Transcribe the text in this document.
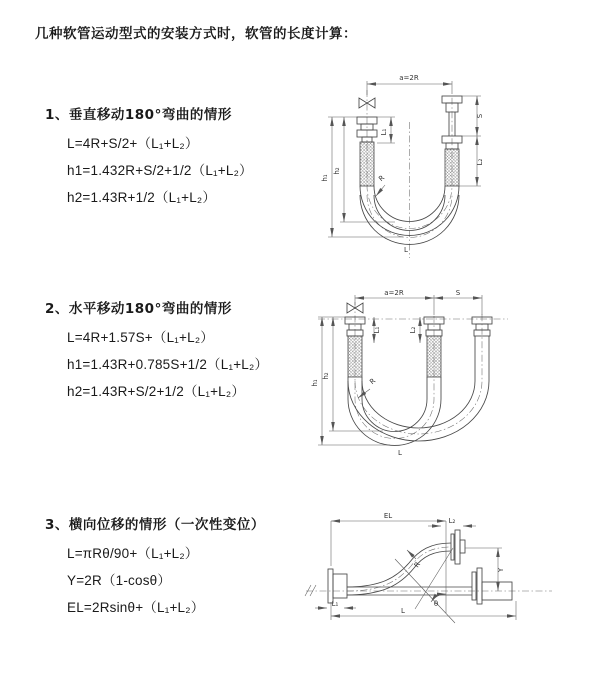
几种软管运动型式的安装方式时，软管的长度计算：
1、垂直移动180°弯曲的情形
L=4R+S/2+（L₁+L₂）
h1=1.432R+S/2+1/2（L₁+L₂）
h2=1.43R+1/2（L₁+L₂）
a=2R
L₁
S
L₂
h₁
h₂
R
L
2、水平移动180°弯曲的情形
L=4R+1.57S+（L₁+L₂）
h1=1.43R+0.785S+1/2（L₁+L₂）
h2=1.43R+S/2+1/2（L₁+L₂）
a=2R	S
h₁
h₂
L₁	L₂
R
L
3、横向位移的情形（一次性变位）
L=πRθ/90+（L₁+L₂）
Y=2R（1-cosθ）
EL=2Rsinθ+（L₁+L₂）
EL
L₂
Y
θ
R
L₁
L
